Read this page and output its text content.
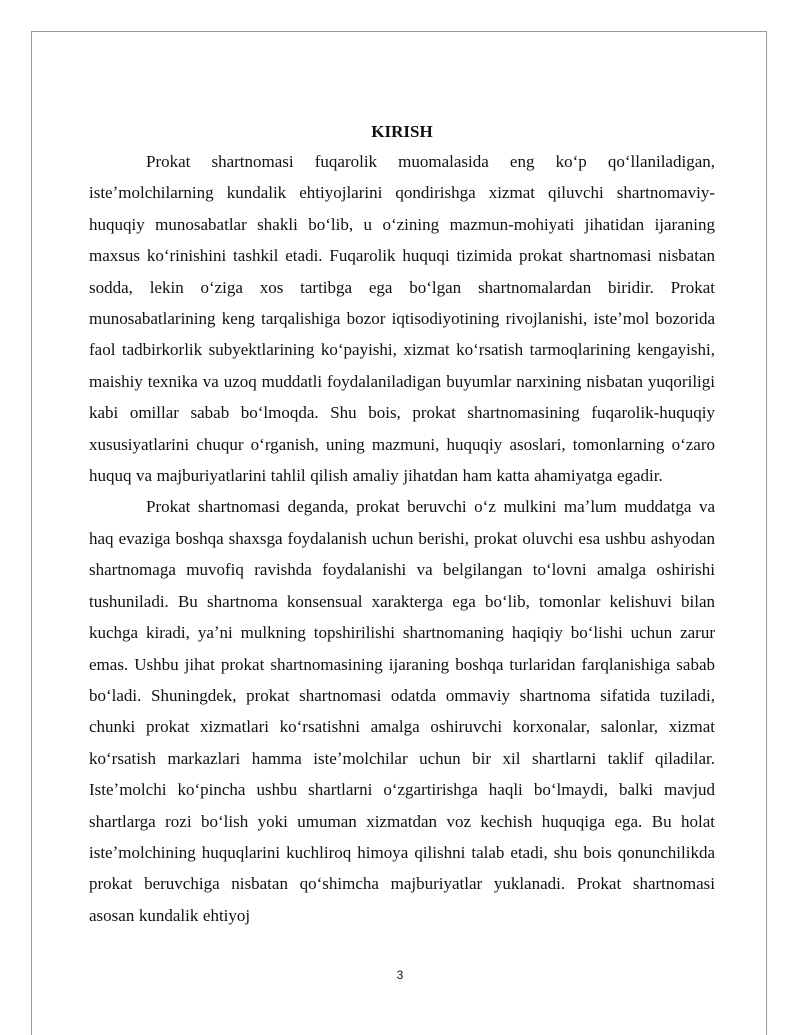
KIRISH

Prokat shartnomasi fuqarolik muomalasida eng koʻp qoʻllaniladigan, isteʼmolchilarning kundalik ehtiyojlarini qondirishga xizmat qiluvchi shartnomaviy-huquqiy munosabatlar shakli boʻlib, u oʻzining mazmun-mohiyati jihatidan ijaraning maxsus koʻrinishini tashkil etadi. Fuqarolik huquqi tizimida prokat shartnomasi nisbatan sodda, lekin oʻziga xos tartibga ega boʻlgan shartnomalardan biridir. Prokat munosabatlarining keng tarqalishiga bozor iqtisodiyotining rivojlanishi, isteʼmol bozorida faol tadbirkorlik subyektlarining koʻpayishi, xizmat koʻrsatish tarmoqlarining kengayishi, maishiy texnika va uzoq muddatli foydalaniladigan buyumlar narxining nisbatan yuqoriligi kabi omillar sabab boʻlmoqda. Shu bois, prokat shartnomasining fuqarolik-huquqiy xususiyatlarini chuqur oʻrganish, uning mazmuni, huquqiy asoslari, tomonlarning oʻzaro huquq va majburiyatlarini tahlil qilish amaliy jihatdan ham katta ahamiyatga egadir.

Prokat shartnomasi deganda, prokat beruvchi oʻz mulkini maʼlum muddatga va haq evaziga boshqa shaxsga foydalanish uchun berishi, prokat oluvchi esa ushbu ashyodan shartnomaga muvofiq ravishda foydalanishi va belgilangan toʻlovni amalga oshirishi tushuniladi. Bu shartnoma konsensual xarakterga ega boʻlib, tomonlar kelishuvi bilan kuchga kiradi, yaʼni mulkning topshirilishi shartnomaning haqiqiy boʻlishi uchun zarur emas. Ushbu jihat prokat shartnomasining ijaraning boshqa turlaridan farqlanishiga sabab boʻladi. Shuningdek, prokat shartnomasi odatda ommaviy shartnoma sifatida tuziladi, chunki prokat xizmatlari koʻrsatishni amalga oshiruvchi korxonalar, salonlar, xizmat koʻrsatish markazlari hamma isteʼmolchilar uchun bir xil shartlarni taklif qiladilar. Isteʼmolchi koʻpincha ushbu shartlarni oʻzgartirishga haqli boʻlmaydi, balki mavjud shartlarga rozi boʻlish yoki umuman xizmatdan voz kechish huquqiga ega. Bu holat isteʼmolchining huquqlarini kuchliroq himoya qilishni talab etadi, shu bois qonunchilikda prokat beruvchiga nisbatan qoʻshimcha majburiyatlar yuklanadi. Prokat shartnomasi asosan kundalik ehtiyoj

3
